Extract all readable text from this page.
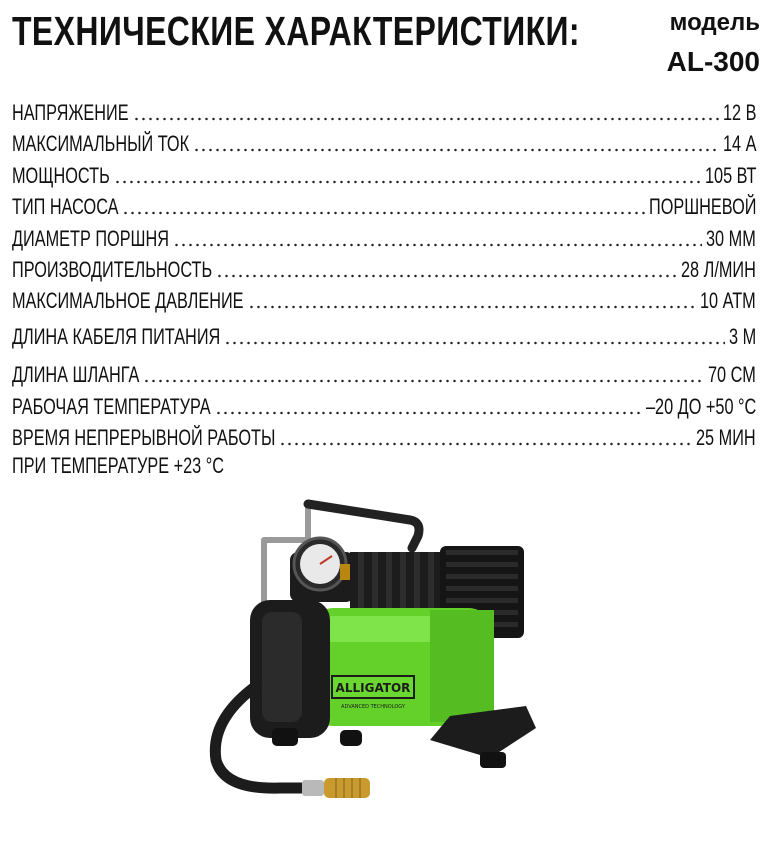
ТЕХНИЧЕСКИЕ ХАРАКТЕРИСТИКИ:	модель
AL-300
НАПРЯЖЕНИЕ	12 В
МАКСИМАЛЬНЫЙ ТОК	14 А
МОЩНОСТЬ	105 ВТ
ТИП НАСОСА	ПОРШНЕВОЙ
ДИАМЕТР ПОРШНЯ	30 ММ
ПРОИЗВОДИТЕЛЬНОСТЬ	28 Л/МИН
МАКСИМАЛЬНОЕ ДАВЛЕНИЕ	10 АТМ
ДЛИНА КАБЕЛЯ ПИТАНИЯ	3 М
ДЛИНА ШЛАНГА	70 СМ
РАБОЧАЯ ТЕМПЕРАТУРА	–20 ДО +50 °С
ВРЕМЯ НЕПРЕРЫВНОЙ РАБОТЫ	25 МИН
ПРИ ТЕМПЕРАТУРЕ +23 °С
ALLIGATOR
ADVANCED TECHNOLOGY
